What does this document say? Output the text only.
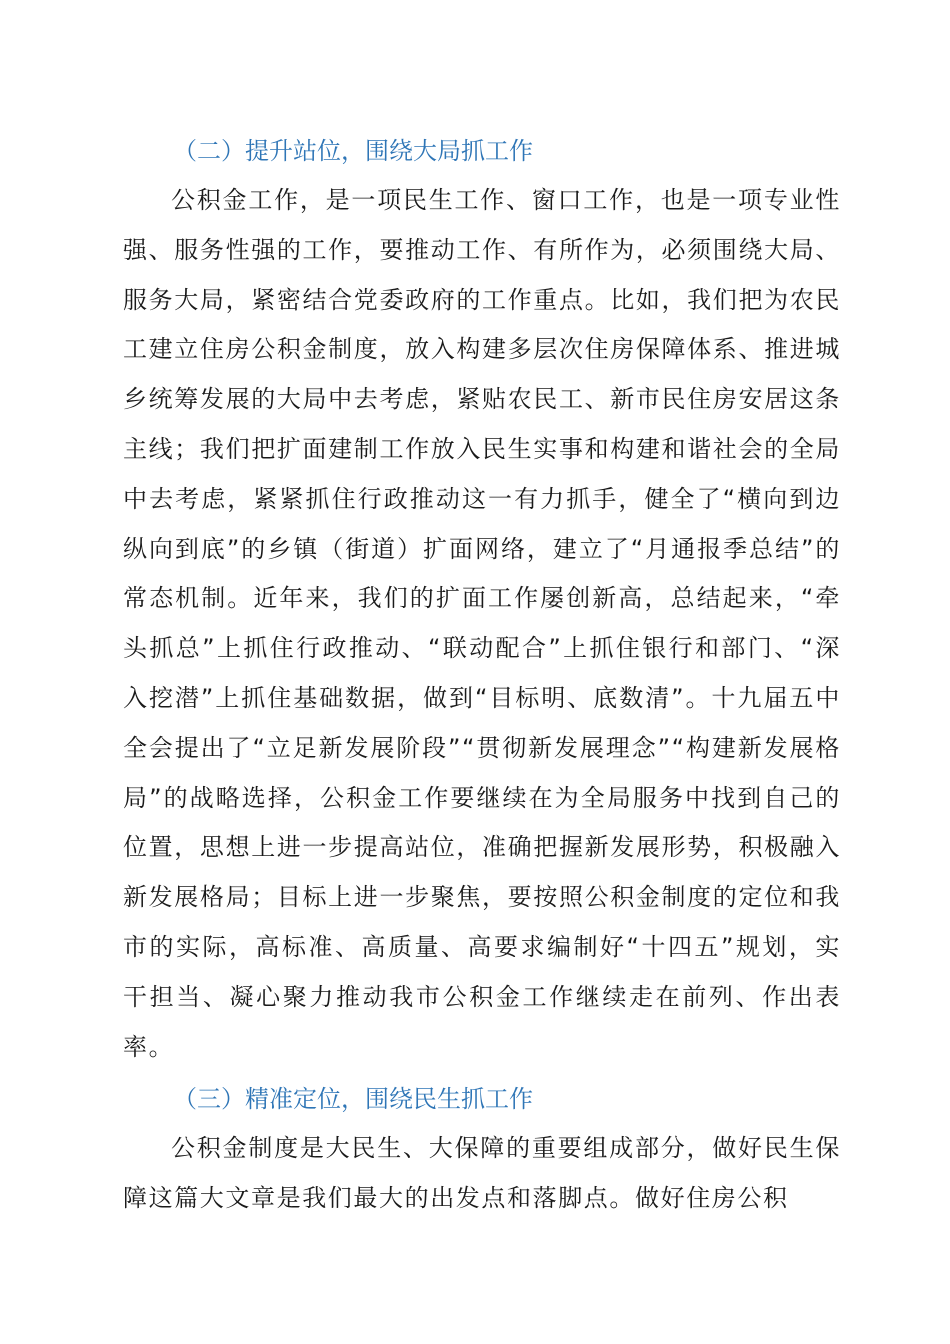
（二）提升站位，围绕大局抓工作

公积金工作，是一项民生工作、窗口工作，也是一项专业性强、服务性强的工作，要推动工作、有所作为，必须围绕大局、服务大局，紧密结合党委政府的工作重点。比如，我们把为农民工建立住房公积金制度，放入构建多层次住房保障体系、推进城乡统筹发展的大局中去考虑，紧贴农民工、新市民住房安居这条主线；我们把扩面建制工作放入民生实事和构建和谐社会的全局中去考虑，紧紧抓住行政推动这一有力抓手，健全了“横向到边纵向到底”的乡镇（街道）扩面网络，建立了“月通报季总结”的常态机制。近年来，我们的扩面工作屡创新高，总结起来，“牵头抓总”上抓住行政推动、“联动配合”上抓住银行和部门、“深入挖潜”上抓住基础数据，做到“目标明、底数清”。十九届五中全会提出了“立足新发展阶段”“贯彻新发展理念”“构建新发展格局”的战略选择，公积金工作要继续在为全局服务中找到自己的位置，思想上进一步提高站位，准确把握新发展形势，积极融入新发展格局；目标上进一步聚焦，要按照公积金制度的定位和我市的实际，高标准、高质量、高要求编制好“十四五”规划，实干担当、凝心聚力推动我市公积金工作继续走在前列、作出表率。

（三）精准定位，围绕民生抓工作

公积金制度是大民生、大保障的重要组成部分，做好民生保障这篇大文章是我们最大的出发点和落脚点。做好住房公积
